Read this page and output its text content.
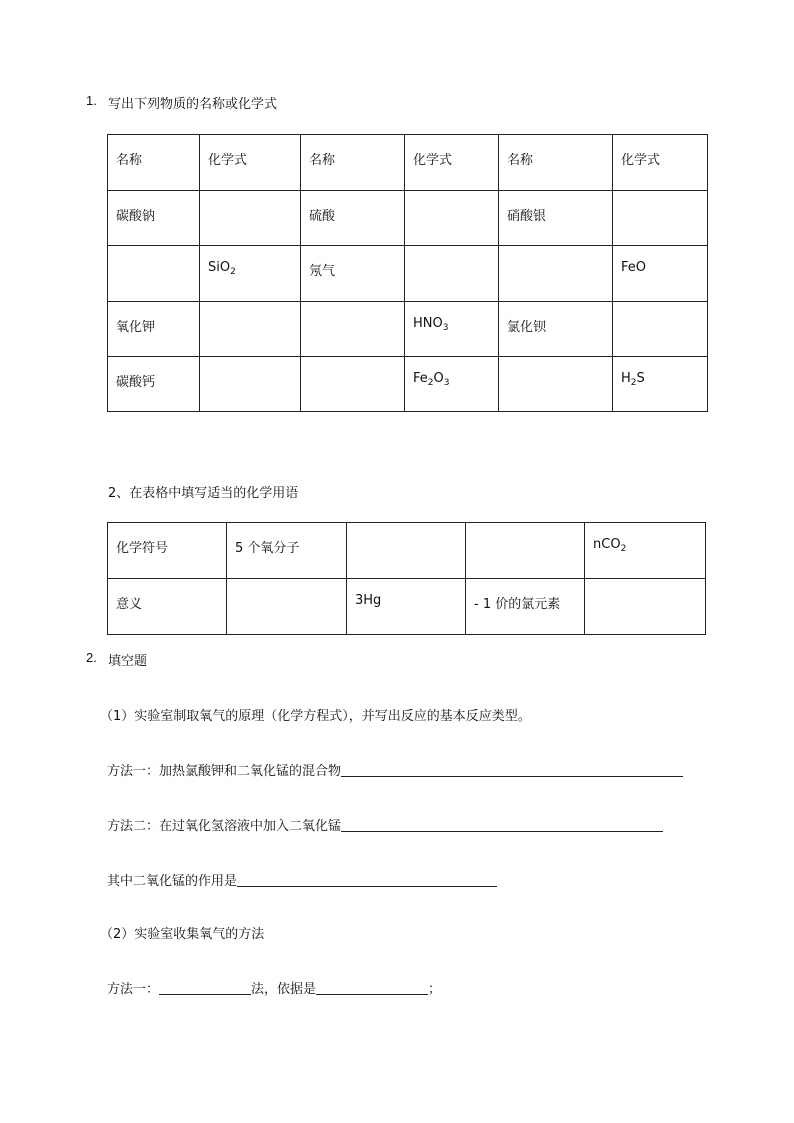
1. 写出下列物质的名称或化学式
名称	化学式	名称	化学式	名称	化学式
碳酸钠		硫酸		硝酸银	
	SiO$_2$	氖气			FeO
氧化钾			$HNO_3$	氯化钡	
碳酸钙			$Fe_2O_3$		$H_2S$
2、在表格中填写适当的化学用语
化学符号	5 个氧分子			nCO$_2$
意义		3Hg	- 1 价的氯元素	
2. 填空题
（1）实验室制取氧气的原理（化学方程式），并写出反应的基本反应类型。
方法一：加热氯酸钾和二氧化锰的混合物
方法二：在过氧化氢溶液中加入二氧化锰
其中二氧化锰的作用是
（2）实验室收集氧气的方法
方法一：	法，依据是	；
